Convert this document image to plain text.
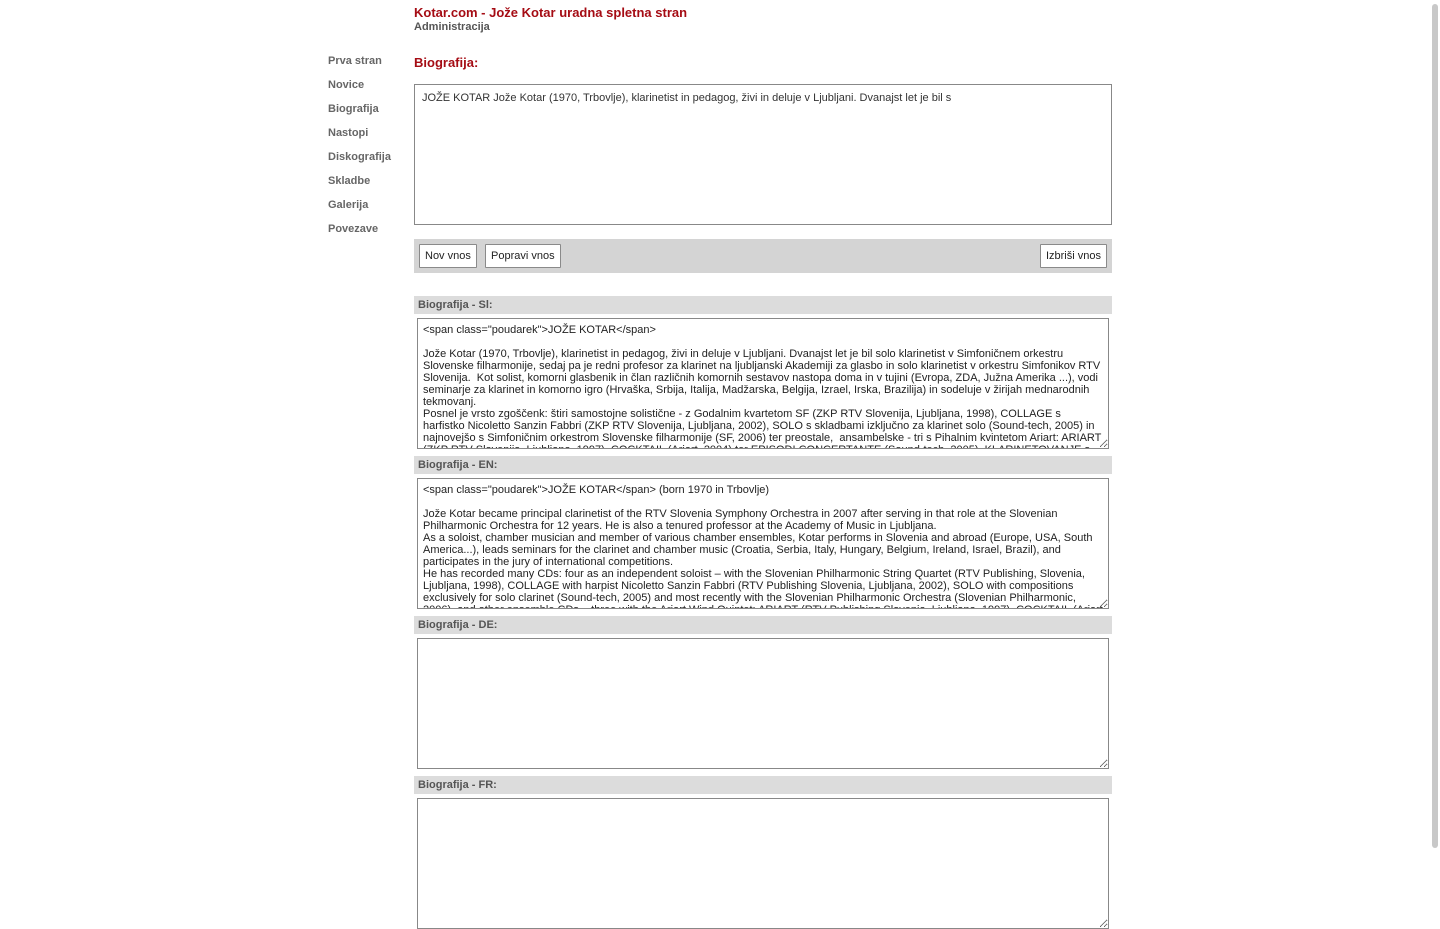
Kotar.com - Jože Kotar uradna spletna stran
Administracija
Prva stran
Novice
Biografija
Nastopi
Diskografija
Skladbe
Galerija
Povezave
Biografija:
JOŽE KOTAR Jože Kotar (1970, Trbovlje), klarinetist in pedagog, živi in deluje v Ljubljani. Dvanajst let je bil s
Nov vnos	Popravi vnos	Izbriši vnos
Biografija - Sl:
<span class="poudarek">JOŽE KOTAR</span> Jože Kotar (1970, Trbovlje), klarinetist in pedagog, živi in deluje v Ljubljani. Dvanajst let je bil solo klarinetist v Simfoničnem orkestru Slovenske filharmonije, sedaj pa je redni profesor za klarinet na ljubljanski Akademiji za glasbo in solo klarinetist v orkestru Simfonikov RTV Slovenija. Kot solist, komorni glasbenik in član različnih komornih sestavov nastopa doma in v tujini (Evropa, ZDA, Južna Amerika ...), vodi seminarje za klarinet in komorno igro (Hrvaška, Srbija, Italija, Madžarska, Belgija, Izrael, Irska, Brazilija) in sodeluje v žirijah mednarodnih tekmovanj. Posnel je vrsto zgoščenk: štiri samostojne solistične - z Godalnim kvartetom SF (ZKP RTV Slovenija, Ljubljana, 1998), COLLAGE s harfistko Nicoletto Sanzin Fabbri (ZKP RTV Slovenija, Ljubljana, 2002), SOLO s skladbami izključno za klarinet solo (Sound-tech, 2005) in najnovejšo s Simfoničnim orkestrom Slovenske filharmonije (SF, 2006) ter preostale, ansambelske - tri s Pihalnim kvintetom Ariart: ARIART (ZKP RTV Slovenija, Ljubljana, 1997), COCKTAIL (Ariart, 2004) ter EPISODI CONCERTANTE (Sound-tech, 2005), KLARINETOVANJE s Slovenskim
Biografija - EN:
<span class="poudarek">JOŽE KOTAR</span> (born 1970 in Trbovlje) Jože Kotar became principal clarinetist of the RTV Slovenia Symphony Orchestra in 2007 after serving in that role at the Slovenian Philharmonic Orchestra for 12 years. He is also a tenured professor at the Academy of Music in Ljubljana. As a soloist, chamber musician and member of various chamber ensembles, Kotar performs in Slovenia and abroad (Europe, USA, South America...), leads seminars for the clarinet and chamber music (Croatia, Serbia, Italy, Hungary, Belgium, Ireland, Israel, Brazil), and participates in the jury of international competitions. He has recorded many CDs: four as an independent soloist – with the Slovenian Philharmonic String Quartet (RTV Publishing, Slovenia, Ljubljana, 1998), COLLAGE with harpist Nicoletto Sanzin Fabbri (RTV Publishing Slovenia, Ljubljana, 2002), SOLO with compositions exclusively for solo clarinet (Sound-tech, 2005) and most recently with the Slovenian Philharmonic Orchestra (Slovenian Philharmonic, 2006), and other ensemble CDs – three with the Ariart Wind Quintet: ARIART (RTV Publishing Slovenia, Ljubljana, 1997), COCKTAIL (Ariart
Biografija - DE:
Biografija - FR:
